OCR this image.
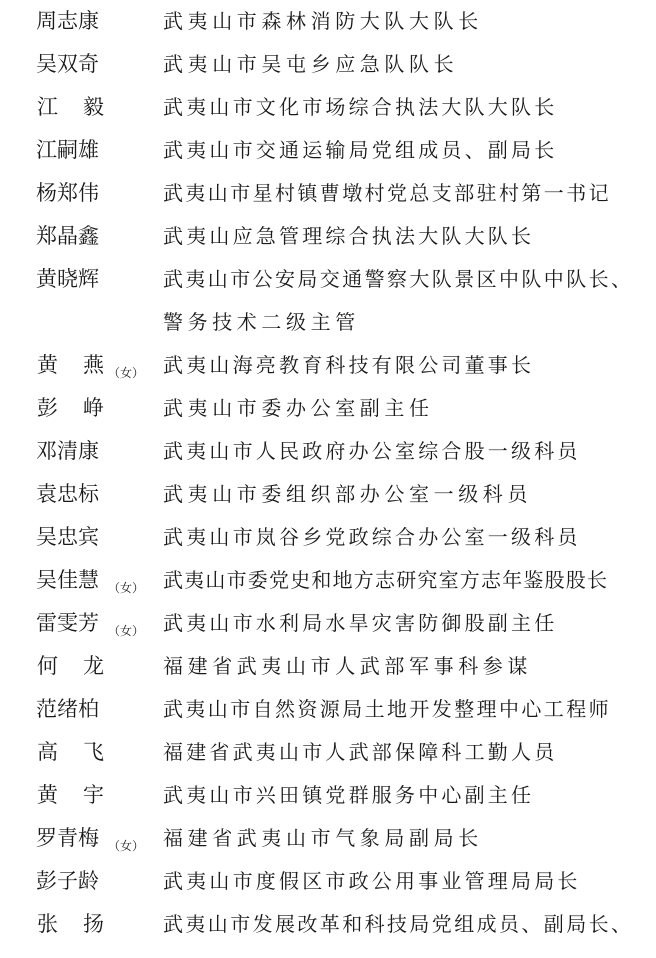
周志康	武夷山市森林消防大队大队长
吴双奇	武夷山市吴屯乡应急队队长
江 毅	武夷山市文化市场综合执法大队大队长
江嗣雄	武夷山市交通运输局党组成员、副局长
杨郑伟	武夷山市星村镇曹墩村党总支部驻村第一书记
郑晶鑫	武夷山应急管理综合执法大队大队长
黄晓辉	武夷山市公安局交通警察大队景区中队中队长、
警务技术二级主管
黄 燕 （女） 武夷山海亮教育科技有限公司董事长
彭 峥	武夷山市委办公室副主任
邓清康	武夷山市人民政府办公室综合股一级科员
袁忠标	武夷山市委组织部办公室一级科员
吴忠宾	武夷山市岚谷乡党政综合办公室一级科员
吴佳慧 （女） 武夷山市委党史和地方志研究室方志年鉴股股长
雷雯芳 （女） 武夷山市水利局水旱灾害防御股副主任
何 龙	福建省武夷山市人武部军事科参谋
范绪柏	武夷山市自然资源局土地开发整理中心工程师
高 飞	福建省武夷山市人武部保障科工勤人员
黄 宇	武夷山市兴田镇党群服务中心副主任
罗青梅 （女） 福建省武夷山市气象局副局长
彭子龄	武夷山市度假区市政公用事业管理局局长
张 扬	武夷山市发展改革和科技局党组成员、副局长、
